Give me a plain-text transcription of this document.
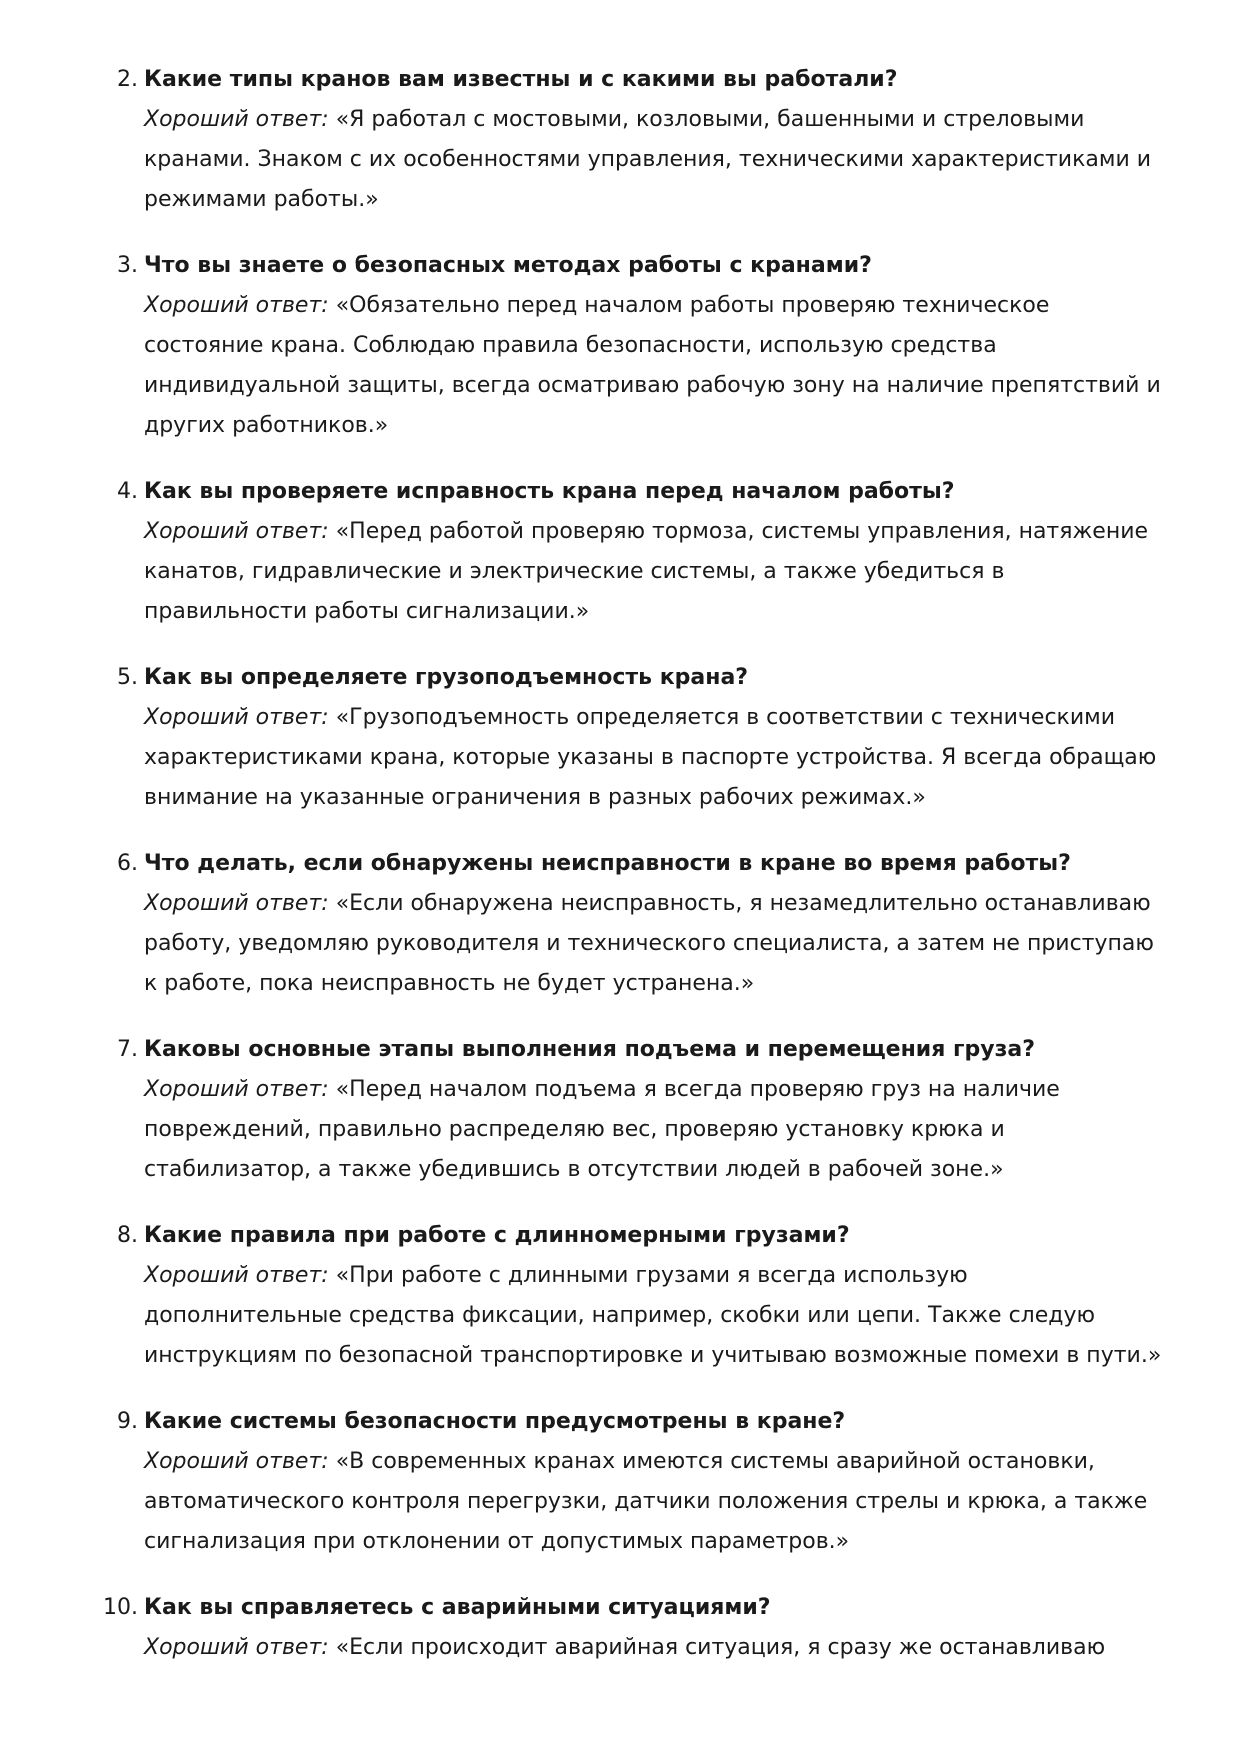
2. Какие типы кранов вам известны и с какими вы работали?
Хороший ответ: «Я работал с мостовыми, козловыми, башенными и стреловыми кранами. Знаком с их особенностями управления, техническими характеристиками и режимами работы.»
3. Что вы знаете о безопасных методах работы с кранами?
Хороший ответ: «Обязательно перед началом работы проверяю техническое состояние крана. Соблюдаю правила безопасности, использую средства индивидуальной защиты, всегда осматриваю рабочую зону на наличие препятствий и других работников.»
4. Как вы проверяете исправность крана перед началом работы?
Хороший ответ: «Перед работой проверяю тормоза, системы управления, натяжение канатов, гидравлические и электрические системы, а также убедиться в правильности работы сигнализации.»
5. Как вы определяете грузоподъемность крана?
Хороший ответ: «Грузоподъемность определяется в соответствии с техническими характеристиками крана, которые указаны в паспорте устройства. Я всегда обращаю внимание на указанные ограничения в разных рабочих режимах.»
6. Что делать, если обнаружены неисправности в кране во время работы?
Хороший ответ: «Если обнаружена неисправность, я незамедлительно останавливаю работу, уведомляю руководителя и технического специалиста, а затем не приступаю к работе, пока неисправность не будет устранена.»
7. Каковы основные этапы выполнения подъема и перемещения груза?
Хороший ответ: «Перед началом подъема я всегда проверяю груз на наличие повреждений, правильно распределяю вес, проверяю установку крюка и стабилизатор, а также убедившись в отсутствии людей в рабочей зоне.»
8. Какие правила при работе с длинномерными грузами?
Хороший ответ: «При работе с длинными грузами я всегда использую дополнительные средства фиксации, например, скобки или цепи. Также следую инструкциям по безопасной транспортировке и учитываю возможные помехи в пути.»
9. Какие системы безопасности предусмотрены в кране?
Хороший ответ: «В современных кранах имеются системы аварийной остановки, автоматического контроля перегрузки, датчики положения стрелы и крюка, а также сигнализация при отклонении от допустимых параметров.»
10. Как вы справляетесь с аварийными ситуациями?
Хороший ответ: «Если происходит аварийная ситуация, я сразу же останавливаю
